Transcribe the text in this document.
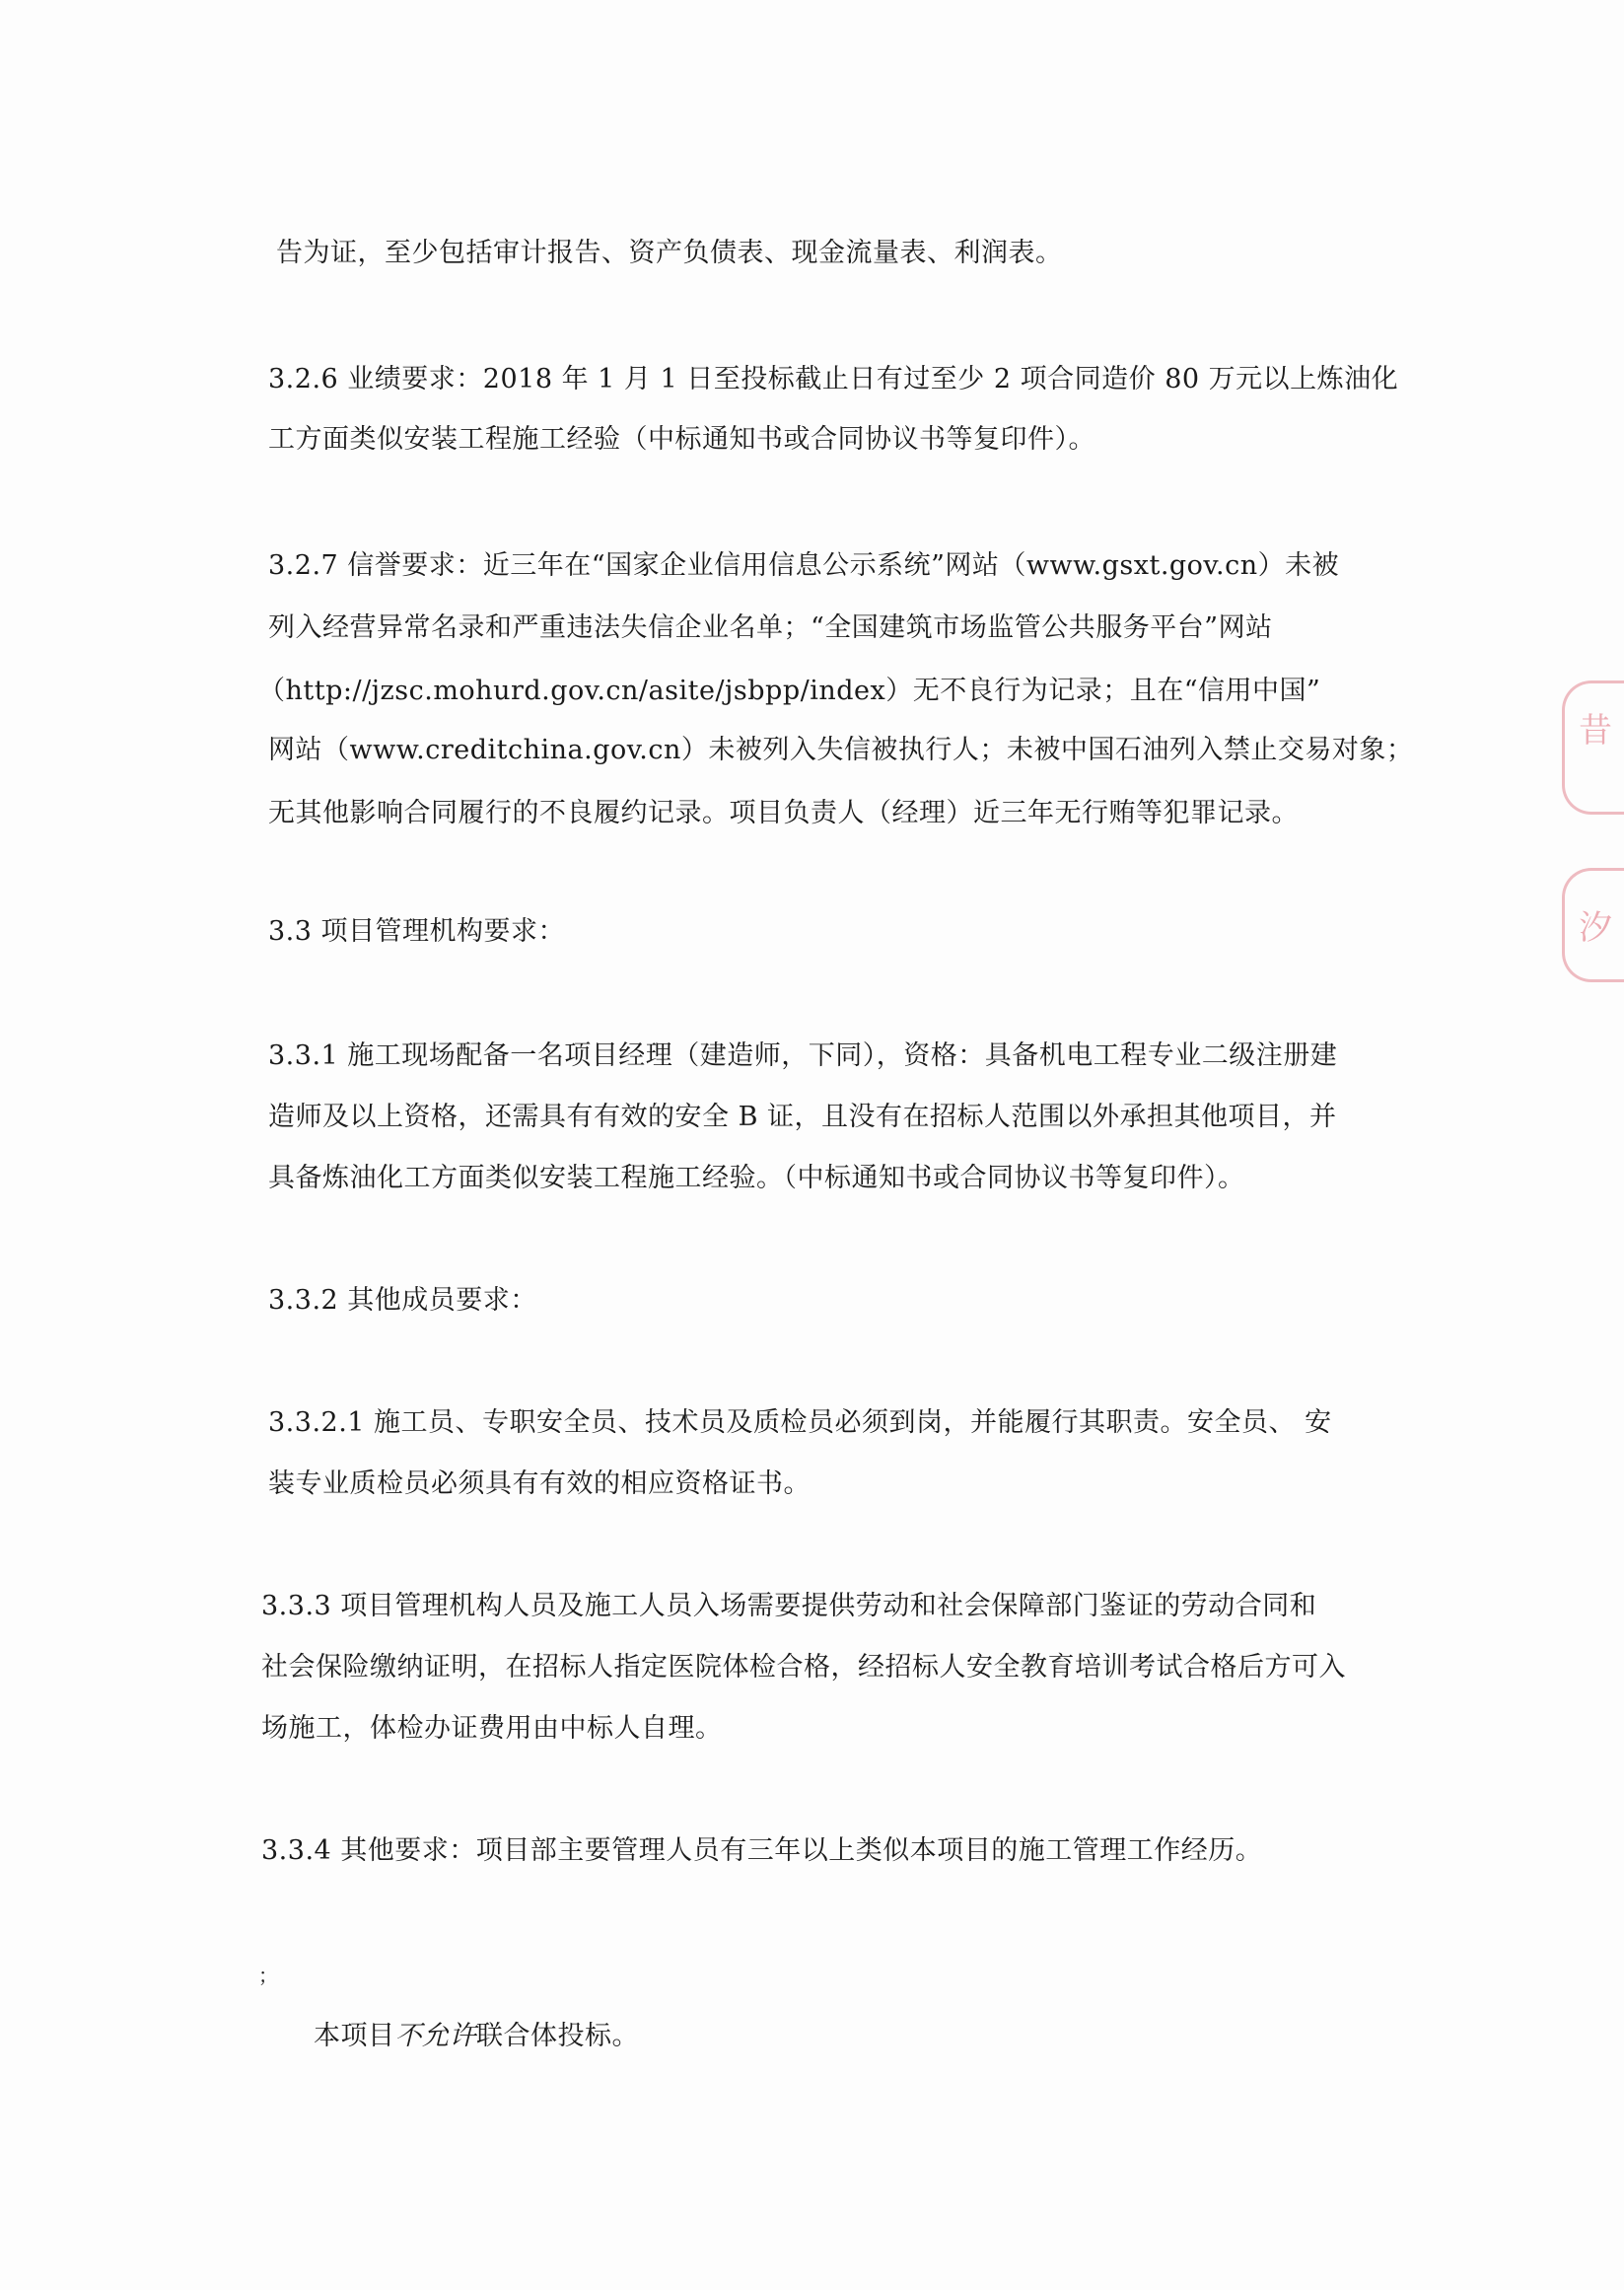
告为证，至少包括审计报告、资产负债表、现金流量表、利润表。
3.2.6 业绩要求：2018 年 1 月 1 日至投标截止日有过至少 2 项合同造价 80 万元以上炼油化
工方面类似安装工程施工经验（中标通知书或合同协议书等复印件）。
3.2.7 信誉要求：近三年在“国家企业信用信息公示系统”网站（www.gsxt.gov.cn）未被
列入经营异常名录和严重违法失信企业名单；“全国建筑市场监管公共服务平台”网站
（http://jzsc.mohurd.gov.cn/asite/jsbpp/index）无不良行为记录；且在“信用中国”
网站（www.creditchina.gov.cn）未被列入失信被执行人；未被中国石油列入禁止交易对象；
无其他影响合同履行的不良履约记录。项目负责人（经理）近三年无行贿等犯罪记录。
3.3 项目管理机构要求：
3.3.1 施工现场配备一名项目经理（建造师，下同），资格：具备机电工程专业二级注册建
造师及以上资格，还需具有有效的安全 B 证，且没有在招标人范围以外承担其他项目，并
具备炼油化工方面类似安装工程施工经验。（中标通知书或合同协议书等复印件）。
3.3.2 其他成员要求：
3.3.2.1 施工员、专职安全员、技术员及质检员必须到岗，并能履行其职责。安全员、 安
装专业质检员必须具有有效的相应资格证书。
3.3.3 项目管理机构人员及施工人员入场需要提供劳动和社会保障部门鉴证的劳动合同和
社会保险缴纳证明，在招标人指定医院体检合格，经招标人安全教育培训考试合格后方可入
场施工，体检办证费用由中标人自理。
3.3.4 其他要求：项目部主要管理人员有三年以上类似本项目的施工管理工作经历。
；
本项目不允许联合体投标。
昔
汐
